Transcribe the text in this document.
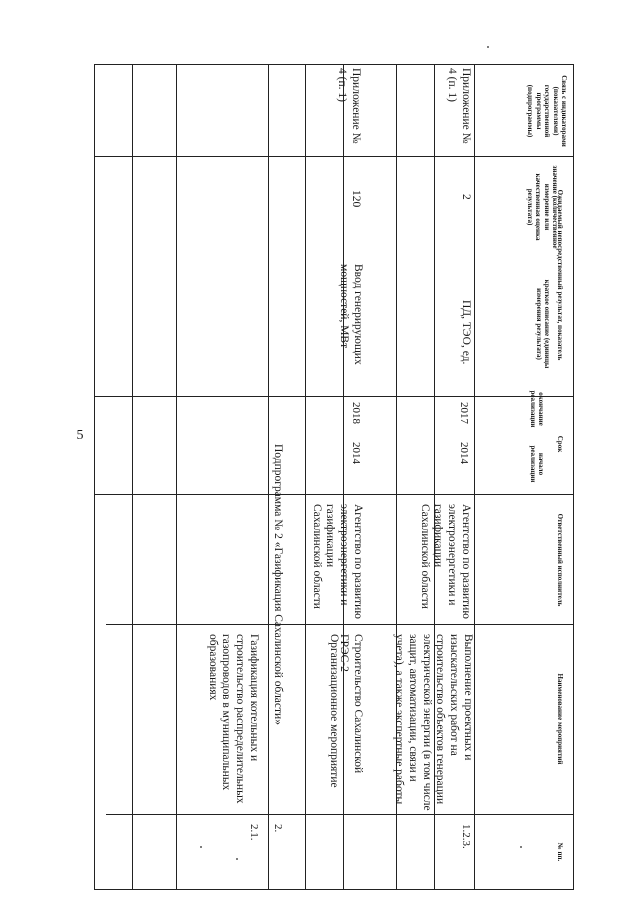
5
Связь с индикаторами (показателями) государственной программы (подпрограммы)
Ожидаемый непосредственный результат, показатель
краткое описание (единицы измерения результата)
значение (количественное измерение или качественная оценка результата)
Срок
начало реализации
окончание реализации
Ответственный исполнитель
Наименование мероприятий
№ пп.
Приложение № 4 (п. 1)
2
ПД, ТЭО, ед.
2017
2014
Агентство по развитию электроэнергетики и газификации Сахалинской области
Выполнение проектных и изыскательских работ на строительство объектов генерации электрической энергии (в том числе защит, автоматизации, связи и учета), а также экспертные работы
1.2.3.
Организационное мероприятие
Приложение № 4 (п. 1)
120
Ввод генерирующих мощностей, МВт
2018
2014
Агентство по развитию электроэнергетики и газификации Сахалинской области
Строительство Сахалинской ГРЭС-2
Подпрограмма № 2 «Газификация Сахалинской области»
2.
Газификация котельных и строительство распределительных газопроводов в муниципальных образованиях
2.1.
